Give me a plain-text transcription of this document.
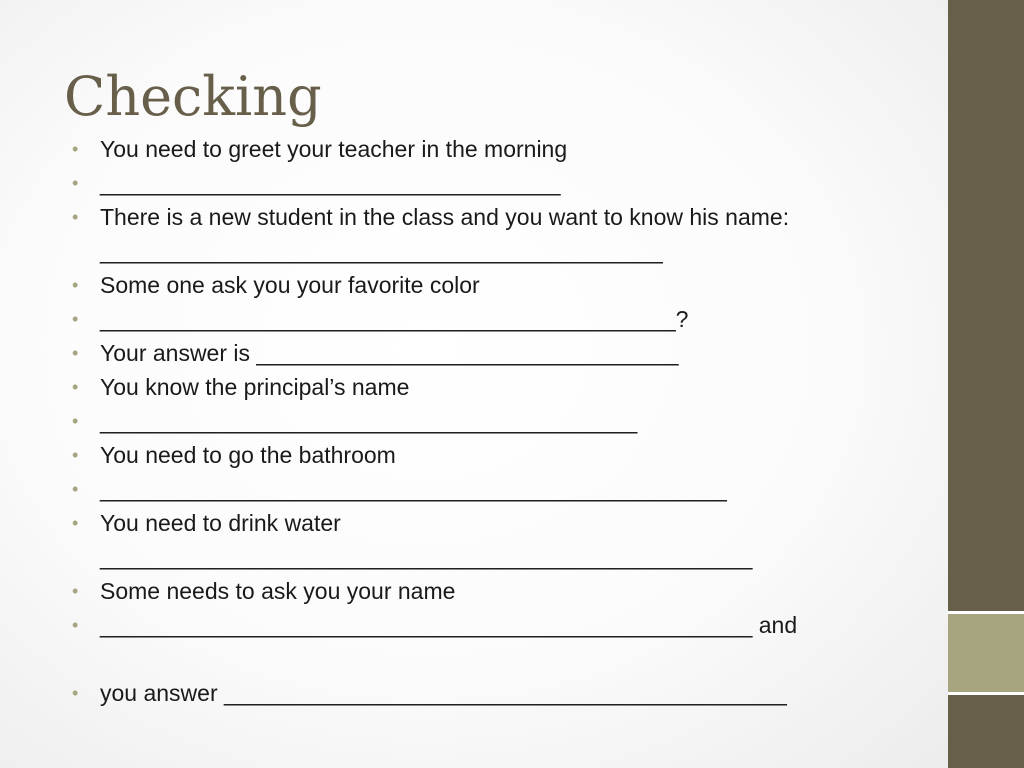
Checking
• You need to greet your teacher in the morning
• ____________________________________
• There is a new student in the class and you want to know his name:
____________________________________________
• Some one ask you your favorite color
• _____________________________________________?
• Your answer is _________________________________
• You know the principal’s name
• __________________________________________
• You need to go the bathroom
• _________________________________________________
• You need to drink water
___________________________________________________
• Some needs to ask you your name
• ___________________________________________________ and
• you answer ____________________________________________
